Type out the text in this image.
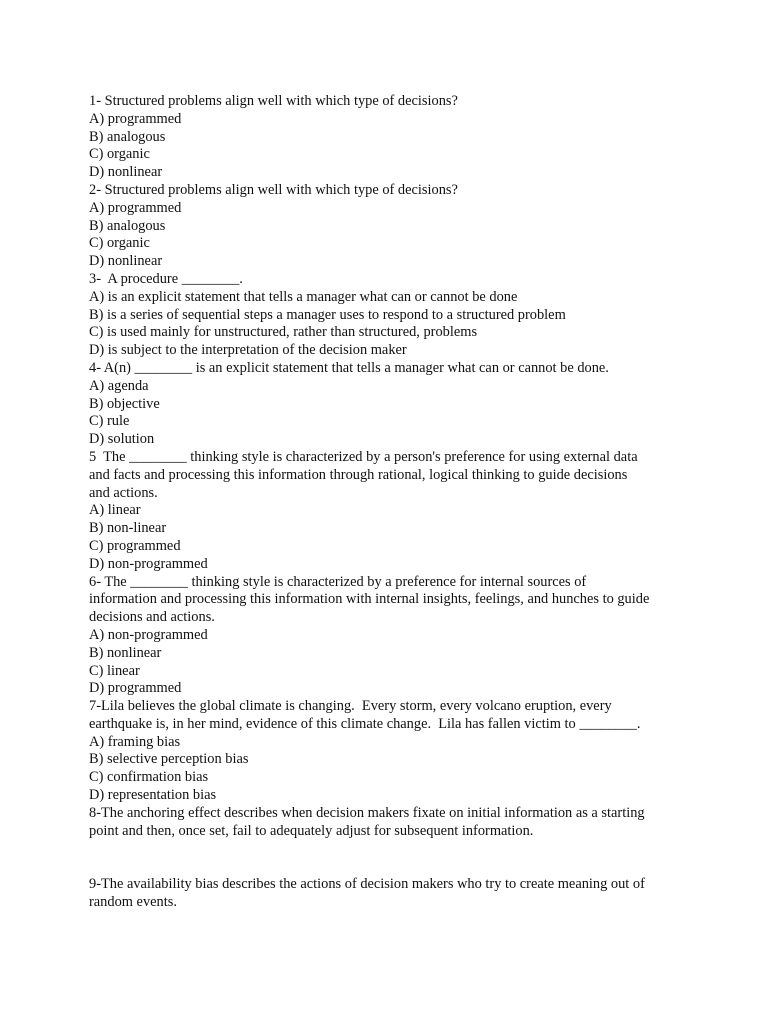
1- Structured problems align well with which type of decisions?
A) programmed
B) analogous
C) organic
D) nonlinear
2- Structured problems align well with which type of decisions?
A) programmed
B) analogous
C) organic
D) nonlinear
3-  A procedure ________.
A) is an explicit statement that tells a manager what can or cannot be done
B) is a series of sequential steps a manager uses to respond to a structured problem
C) is used mainly for unstructured, rather than structured, problems
D) is subject to the interpretation of the decision maker
4- A(n) ________ is an explicit statement that tells a manager what can or cannot be done.
A) agenda
B) objective
C) rule
D) solution
5  The ________ thinking style is characterized by a person's preference for using external data
and facts and processing this information through rational, logical thinking to guide decisions
and actions.
A) linear
B) non-linear
C) programmed
D) non-programmed
6- The ________ thinking style is characterized by a preference for internal sources of
information and processing this information with internal insights, feelings, and hunches to guide
decisions and actions.
A) non-programmed
B) nonlinear
C) linear
D) programmed
7-Lila believes the global climate is changing.  Every storm, every volcano eruption, every
earthquake is, in her mind, evidence of this climate change.  Lila has fallen victim to ________.
A) framing bias
B) selective perception bias
C) confirmation bias
D) representation bias
8-The anchoring effect describes when decision makers fixate on initial information as a starting
point and then, once set, fail to adequately adjust for subsequent information.
9-The availability bias describes the actions of decision makers who try to create meaning out of
random events.
